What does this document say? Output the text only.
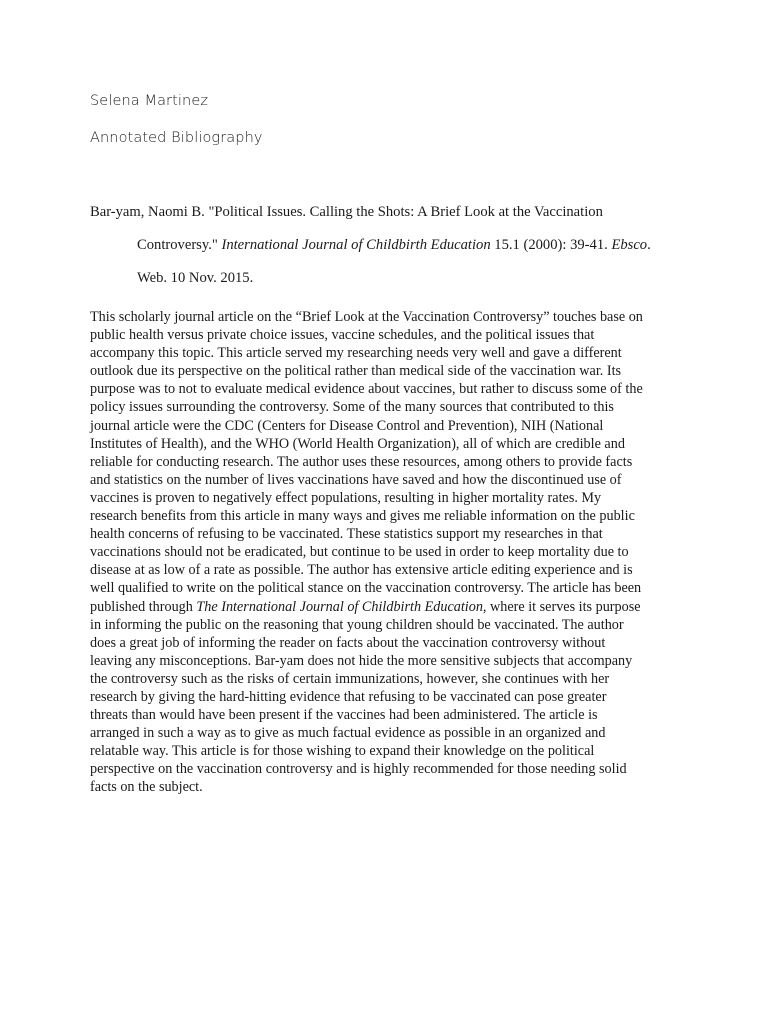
Selena Martinez

Annotated Bibliography

Bar-yam, Naomi B. "Political Issues. Calling the Shots: A Brief Look at the Vaccination
Controversy." International Journal of Childbirth Education 15.1 (2000): 39-41. Ebsco.
Web. 10 Nov. 2015.
This scholarly journal article on the “Brief Look at the Vaccination Controversy” touches base on
public health versus private choice issues, vaccine schedules, and the political issues that
accompany this topic. This article served my researching needs very well and gave a different
outlook due its perspective on the political rather than medical side of the vaccination war. Its
purpose was to not to evaluate medical evidence about vaccines, but rather to discuss some of the
policy issues surrounding the controversy. Some of the many sources that contributed to this
journal article were the CDC (Centers for Disease Control and Prevention), NIH (National
Institutes of Health), and the WHO (World Health Organization), all of which are credible and
reliable for conducting research. The author uses these resources, among others to provide facts
and statistics on the number of lives vaccinations have saved and how the discontinued use of
vaccines is proven to negatively effect populations, resulting in higher mortality rates. My
research benefits from this article in many ways and gives me reliable information on the public
health concerns of refusing to be vaccinated. These statistics support my researches in that
vaccinations should not be eradicated, but continue to be used in order to keep mortality due to
disease at as low of a rate as possible. The author has extensive article editing experience and is
well qualified to write on the political stance on the vaccination controversy. The article has been
published through The International Journal of Childbirth Education, where it serves its purpose
in informing the public on the reasoning that young children should be vaccinated. The author
does a great job of informing the reader on facts about the vaccination controversy without
leaving any misconceptions. Bar-yam does not hide the more sensitive subjects that accompany
the controversy such as the risks of certain immunizations, however, she continues with her
research by giving the hard-hitting evidence that refusing to be vaccinated can pose greater
threats than would have been present if the vaccines had been administered. The article is
arranged in such a way as to give as much factual evidence as possible in an organized and
relatable way. This article is for those wishing to expand their knowledge on the political
perspective on the vaccination controversy and is highly recommended for those needing solid
facts on the subject.
